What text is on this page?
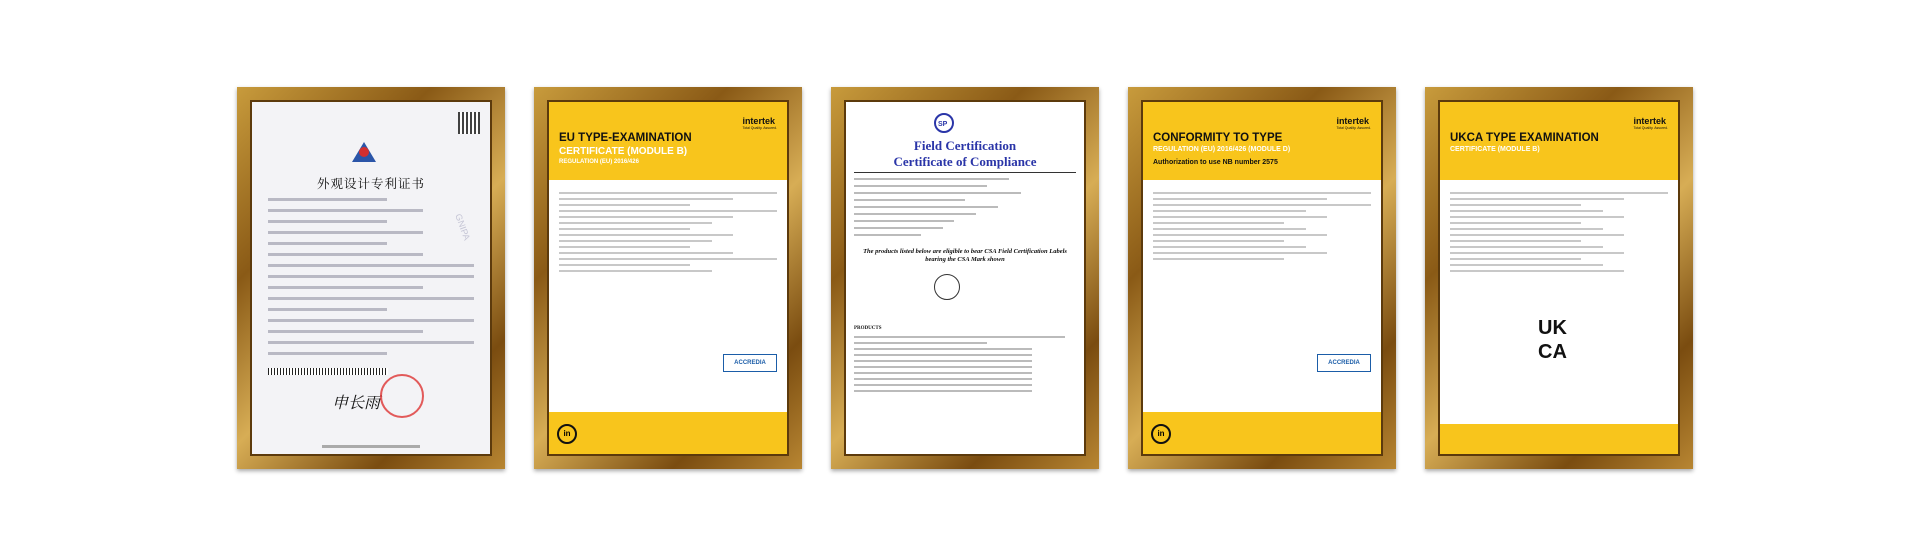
外观设计专利证书
GNIPA
申长雨
intertek
Total Quality. Assured.
EU TYPE-EXAMINATION
CERTIFICATE (MODULE B)
REGULATION (EU) 2016/426
ACCREDIA
in
SP
Field Certification
Certificate of Compliance
The products listed below are eligible to bear CSA Field Certification Labels bearing the CSA Mark shown
PRODUCTS
intertek
Total Quality. Assured.
CONFORMITY TO TYPE
REGULATION (EU) 2016/426 (MODULE D)
Authorization to use NB number 2575
ACCREDIA
in
intertek
Total Quality. Assured.
UKCA TYPE EXAMINATION
CERTIFICATE (MODULE B)
UK
CA
